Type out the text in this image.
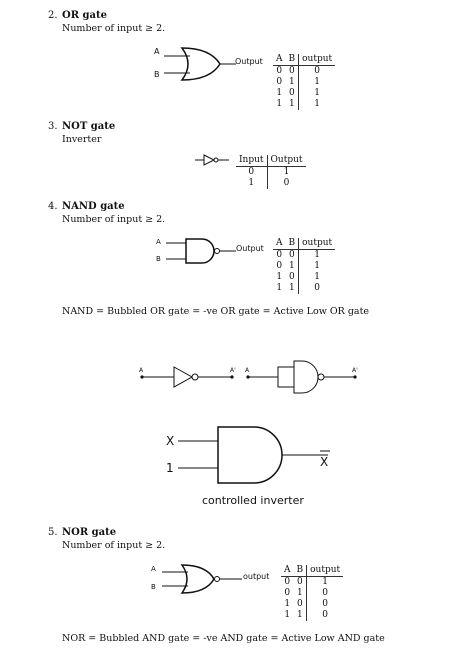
2. OR gate
Number of input ≥ 2.
A
B
Output A	B	output
0	0	0
0	1	1
1	0	1
1	1	1
3. NOT gate
Inverter
Input	Output
0	1
1	0
4. NAND gate
Number of input ≥ 2.
A
B
Output
A	B	output
0	0	1
0	1	1
1	0	1
1	1	0
NAND = Bubbled OR gate = -ve OR gate = Active Low OR gate
A	A' A	A'
X
1	X
controlled inverter
5. NOR gate
Number of input ≥ 2.
A
B
output
A	B	output
0	0	1
0	1	0
1	0	0
1	1	0
NOR = Bubbled AND gate = -ve AND gate = Active Low AND gate
